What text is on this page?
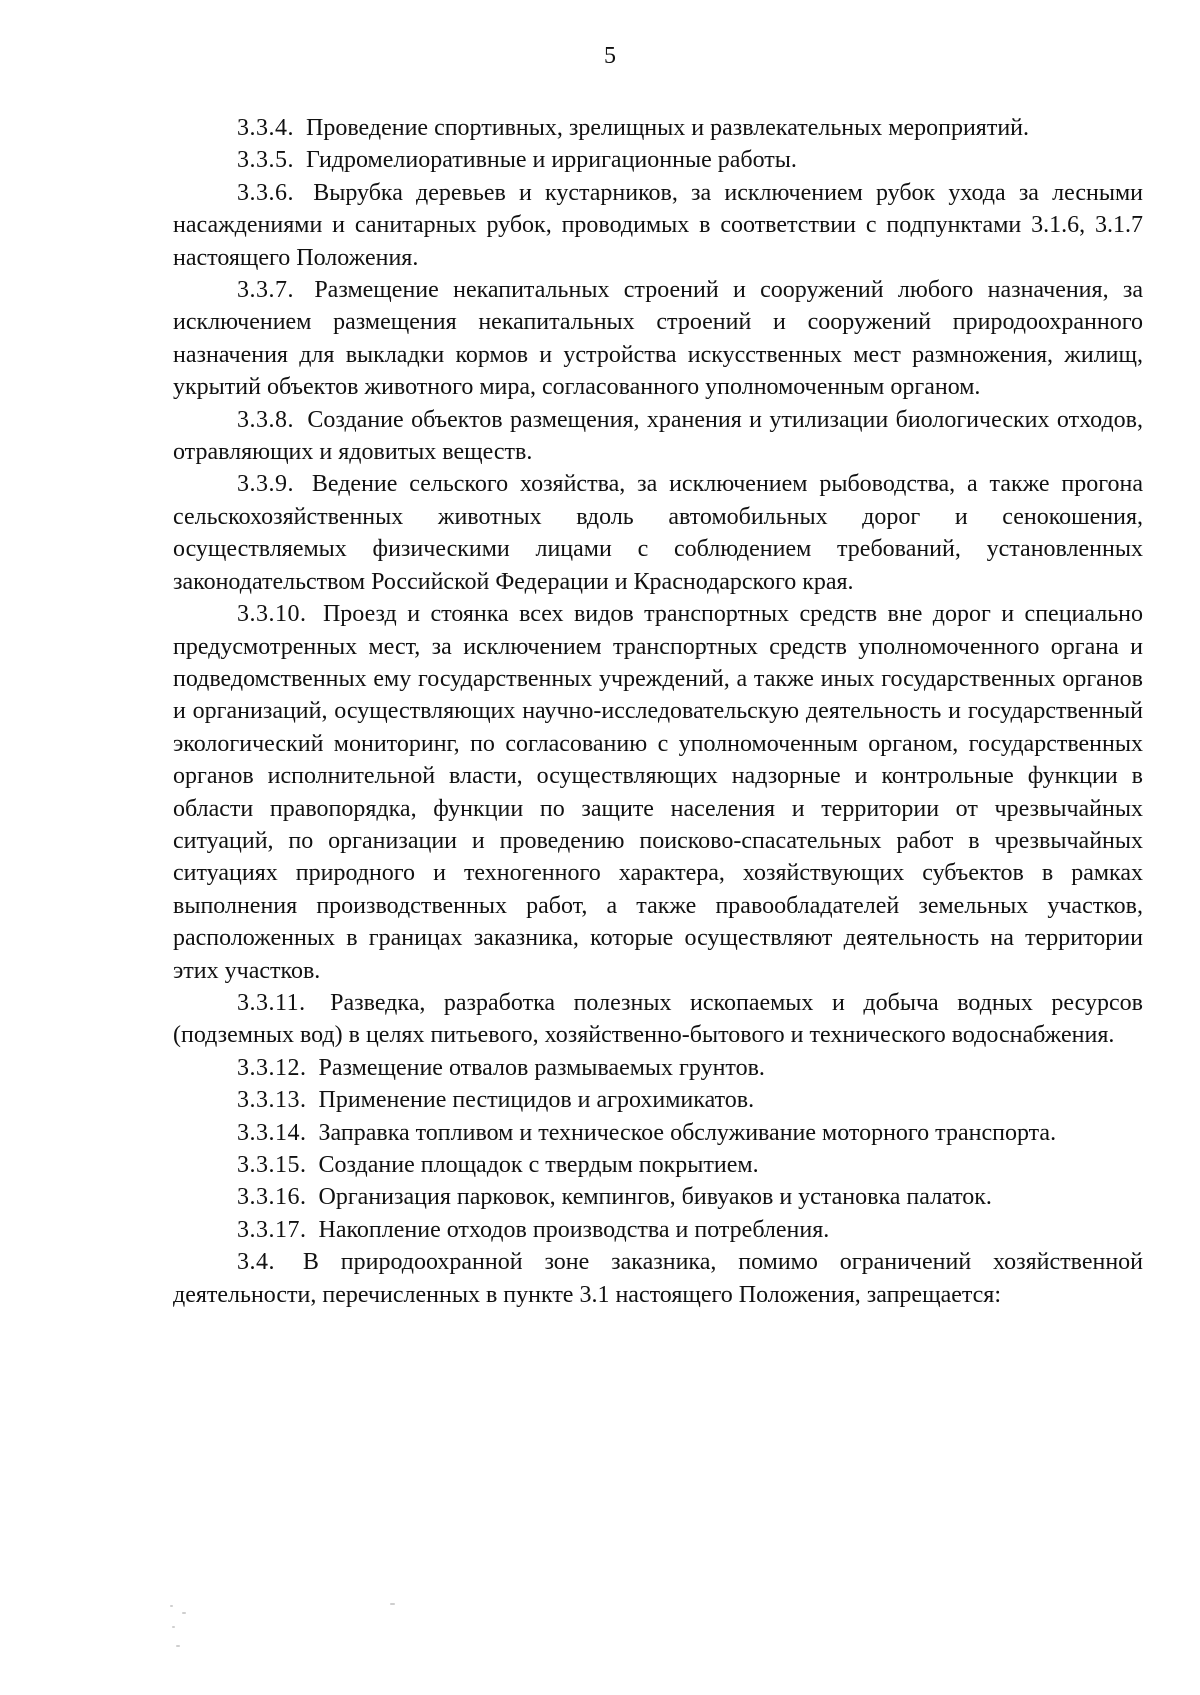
5

3.3.4. Проведение спортивных, зрелищных и развлекательных мероприятий.

3.3.5. Гидромелиоративные и ирригационные работы.

3.3.6. Вырубка деревьев и кустарников, за исключением рубок ухода за лесными насаждениями и санитарных рубок, проводимых в соответствии с подпунктами 3.1.6, 3.1.7 настоящего Положения.

3.3.7. Размещение некапитальных строений и сооружений любого назначения, за исключением размещения некапитальных строений и сооружений природоохранного назначения для выкладки кормов и устройства искусственных мест размножения, жилищ, укрытий объектов животного мира, согласованного уполномоченным органом.

3.3.8. Создание объектов размещения, хранения и утилизации биологических отходов, отравляющих и ядовитых веществ.

3.3.9. Ведение сельского хозяйства, за исключением рыбоводства, а также прогона сельскохозяйственных животных вдоль автомобильных дорог и сенокошения, осуществляемых физическими лицами с соблюдением требований, установленных законодательством Российской Федерации и Краснодарского края.

3.3.10. Проезд и стоянка всех видов транспортных средств вне дорог и специально предусмотренных мест, за исключением транспортных средств уполномоченного органа и подведомственных ему государственных учреждений, а также иных государственных органов и организаций, осуществляющих научно-исследовательскую деятельность и государственный экологический мониторинг, по согласованию с уполномоченным органом, государственных органов исполнительной власти, осуществляющих надзорные и контрольные функции в области правопорядка, функции по защите населения и территории от чрезвычайных ситуаций, по организации и проведению поисково-спасательных работ в чрезвычайных ситуациях природного и техногенного характера, хозяйствующих субъектов в рамках выполнения производственных работ, а также правообладателей земельных участков, расположенных в границах заказника, которые осуществляют деятельность на территории этих участков.

3.3.11. Разведка, разработка полезных ископаемых и добыча водных ресурсов (подземных вод) в целях питьевого, хозяйственно-бытового и технического водоснабжения.

3.3.12. Размещение отвалов размываемых грунтов.

3.3.13. Применение пестицидов и агрохимикатов.

3.3.14. Заправка топливом и техническое обслуживание моторного транспорта.

3.3.15. Создание площадок с твердым покрытием.

3.3.16. Организация парковок, кемпингов, бивуаков и установка палаток.

3.3.17. Накопление отходов производства и потребления.

3.4. В природоохранной зоне заказника, помимо ограничений хозяйственной деятельности, перечисленных в пункте 3.1 настоящего Положения, запрещается:
